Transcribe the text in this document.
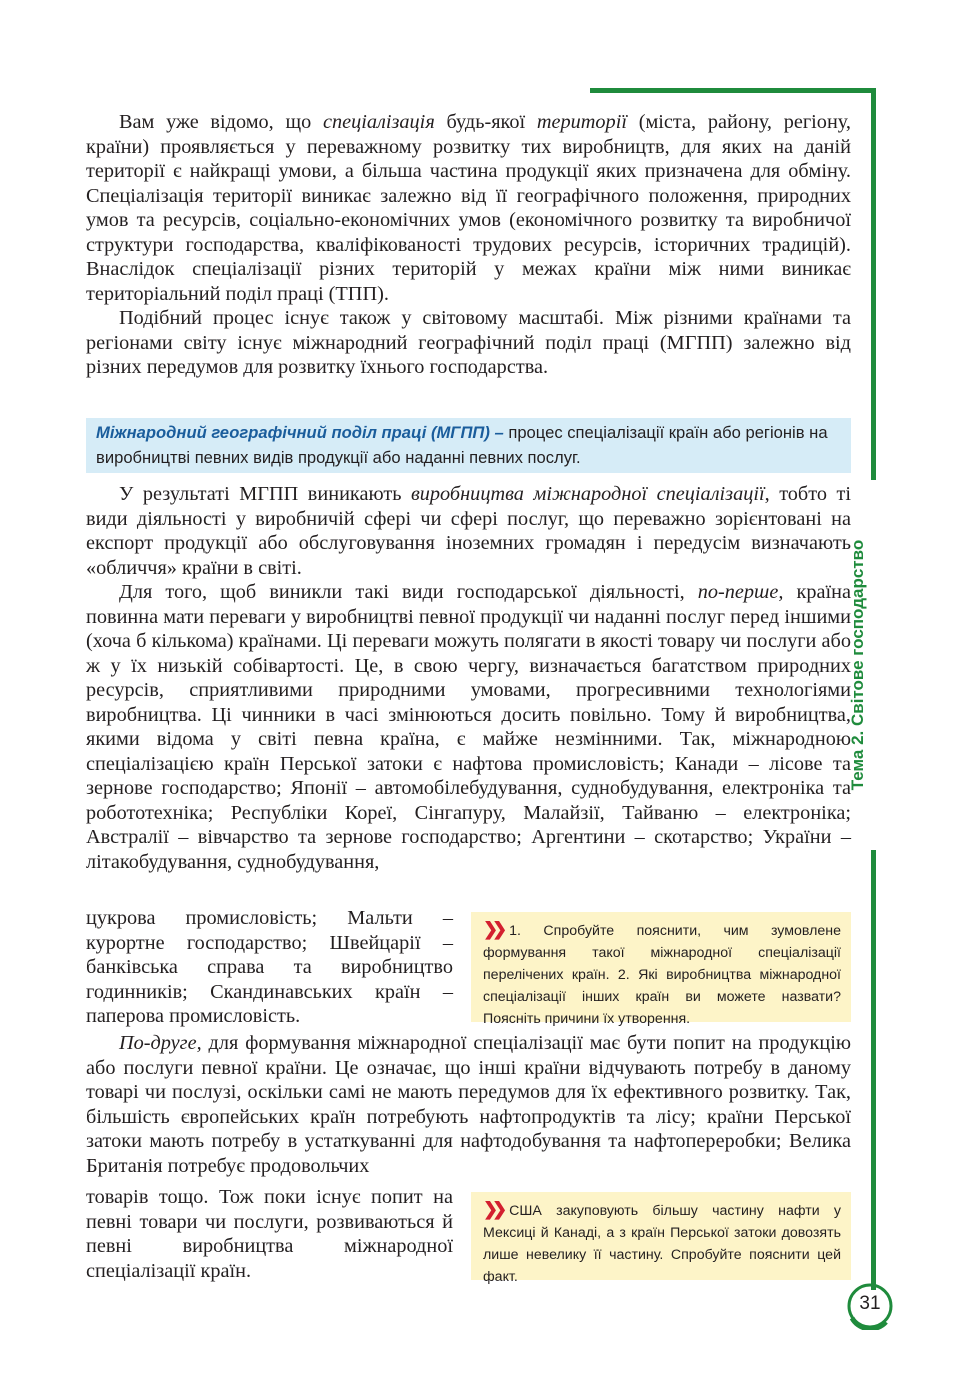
Тема 2. Світове господарство

Вам уже відомо, що спеціалізація будь-якої території (міста, району, регіону, країни) проявляється у переважному розвитку тих виробництв, для яких на даній території є найкращі умови, а більша частина продукції яких призначена для обміну. Спеціалізація території виникає залежно від її географічного положення, природних умов та ресурсів, соціально-економічних умов (економічного розвитку та виробничої структури господарства, кваліфікованості трудових ресурсів, історичних традицій). Внаслідок спеціалізації різних територій у межах країни між ними виникає територіальний поділ праці (ТПП).

Подібний процес існує також у світовому масштабі. Між різними країнами та регіонами світу існує міжнародний географічний поділ праці (МГПП) залежно від різних передумов для розвитку їхнього господарства.

Міжнародний географічний поділ праці (МГПП) – процес спеціалізації країн або регіонів на виробництві певних видів продукції або наданні певних послуг.

У результаті МГПП виникають виробництва міжнародної спеціалізації, тобто ті види діяльності у виробничій сфері чи сфері послуг, що переважно зорієнтовані на експорт продукції або обслуговування іноземних громадян і передусім визначають «обличчя» країни в світі.

Для того, щоб виникли такі види господарської діяльності, по-перше, країна повинна мати переваги у виробництві певної продукції чи наданні послуг перед іншими (хоча б кількома) країнами. Ці переваги можуть полягати в якості товару чи послуги або ж у їх низькій собівартості. Це, в свою чергу, визначається багатством природних ресурсів, сприятливими природними умовами, прогресивними технологіями виробництва. Ці чинники в часі змінюються досить повільно. Тому й виробництва, якими відома у світі певна країна, є майже незмінними. Так, міжнародною спеціалізацією країн Перської затоки є нафтова промисловість; Канади – лісове та зернове господарство; Японії – автомобілебудування, суднобудування, електроніка та робототехніка; Республіки Кореї, Сінгапуру, Малайзії, Тайваню – електроніка; Австралії – вівчарство та зернове господарство; Аргентини – скотарство; України – літакобудування, суднобудування,

цукрова промисловість; Мальти – курортне господарство; Швейцарії – банківська справа та виробництво годинників; Скандинавських країн – паперова промисловість.

❯❯ 1. Спробуйте пояснити, чим зумовлене формування такої міжнародної спеціалізації перелічених країн. 2. Які виробництва міжнародної спеціалізації інших країн ви можете назвати? Поясніть причини їх утворення.

По-друге, для формування міжнародної спеціалізації має бути попит на продукцію або послуги певної країни. Це означає, що інші країни відчувають потребу в даному товарі чи послузі, оскільки самі не мають передумов для їх ефективного розвитку. Так, більшість європейських країн потребують нафтопродуктів та лісу; країни Перської затоки мають потребу в устаткуванні для нафтодобування та нафтопереробки; Велика Британія потребує продовольчих

товарів тощо. Тож поки існує попит на певні товари чи послуги, розвиваються й певні виробництва міжнародної спеціалізації країн.

❯❯ США закуповують більшу частину нафти у Мексиці й Канаді, а з країн Перської затоки довозять лише невелику її частину. Спробуйте пояснити цей факт.
31
